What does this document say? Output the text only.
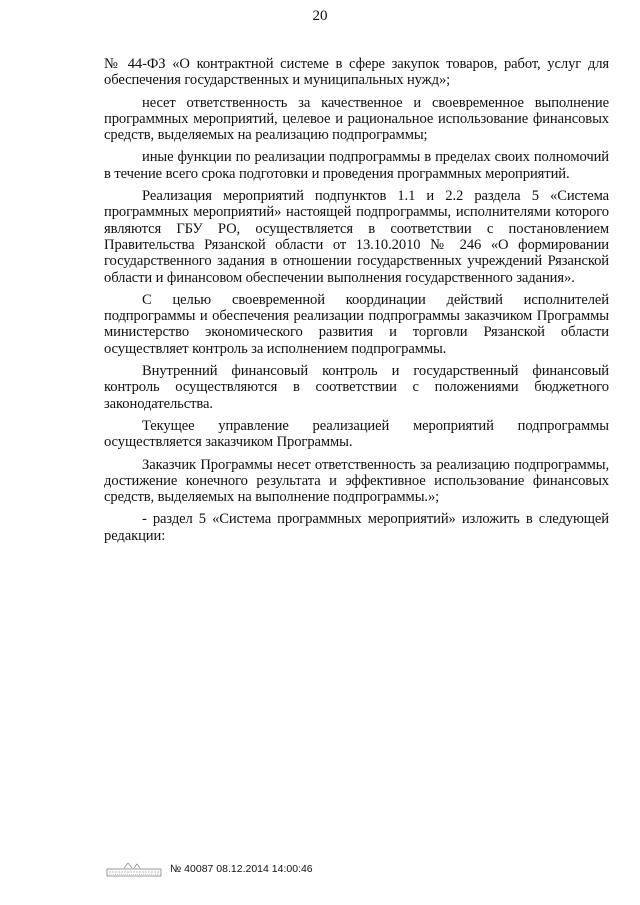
20

№ 44-ФЗ «О контрактной системе в сфере закупок товаров, работ, услуг для обеспечения государственных и муниципальных нужд»;

несет ответственность за качественное и своевременное выполнение программных мероприятий, целевое и рациональное использование финансовых средств, выделяемых на реализацию подпрограммы;

иные функции по реализации подпрограммы в пределах своих полномочий в течение всего срока подготовки и проведения программных мероприятий.

Реализация мероприятий подпунктов 1.1 и 2.2 раздела 5 «Система программных мероприятий» настоящей подпрограммы, исполнителями которого являются ГБУ РО, осуществляется в соответствии с постановлением Правительства Рязанской области от 13.10.2010 № 246 «О формировании государственного задания в отношении государственных учреждений Рязанской области и финансовом обеспечении выполнения государственного задания».

С целью своевременной координации действий исполнителей подпрограммы и обеспечения реализации подпрограммы заказчиком Программы министерство экономического развития и торговли Рязанской области осуществляет контроль за исполнением подпрограммы.

Внутренний финансовый контроль и государственный финансовый контроль осуществляются в соответствии с положениями бюджетного законодательства.

Текущее управление реализацией мероприятий подпрограммы осуществляется заказчиком Программы.

Заказчик Программы несет ответственность за реализацию подпрограммы, достижение конечного результата и эффективное использование финансовых средств, выделяемых на выполнение подпрограммы.»;

- раздел 5 «Система программных мероприятий» изложить в следующей редакции:

№ 40087 08.12.2014 14:00:46
